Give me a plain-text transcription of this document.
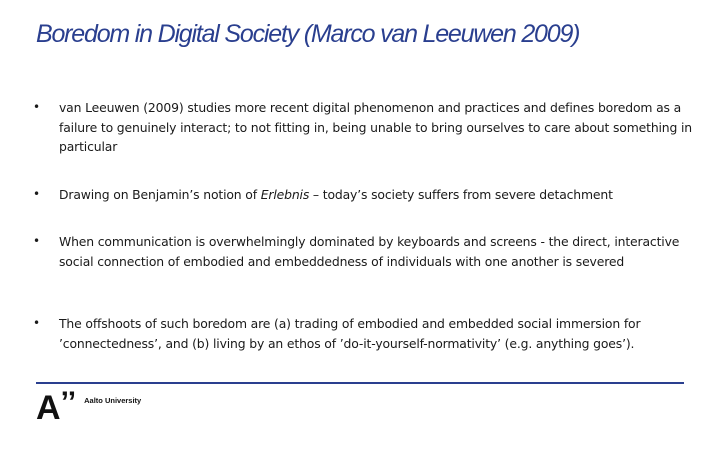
Boredom in Digital Society (Marco van Leeuwen 2009)
• van Leeuwen (2009) studies more recent digital phenomenon and practices and defines boredom as a failure to genuinely interact; to not fitting in, being unable to bring ourselves to care about something in particular
• Drawing on Benjamin’s notion of Erlebnis – today’s society suffers from severe detachment
• When communication is overwhelmingly dominated by keyboards and screens - the direct, interactive social connection of embodied and embeddedness of individuals with one another is severed
• The offshoots of such boredom are (a) trading of embodied and embedded social immersion for ’connectedness’, and (b) living by an ethos of ’do-it-yourself-normativity’ (e.g. anything goes’).
A ’’ Aalto University
